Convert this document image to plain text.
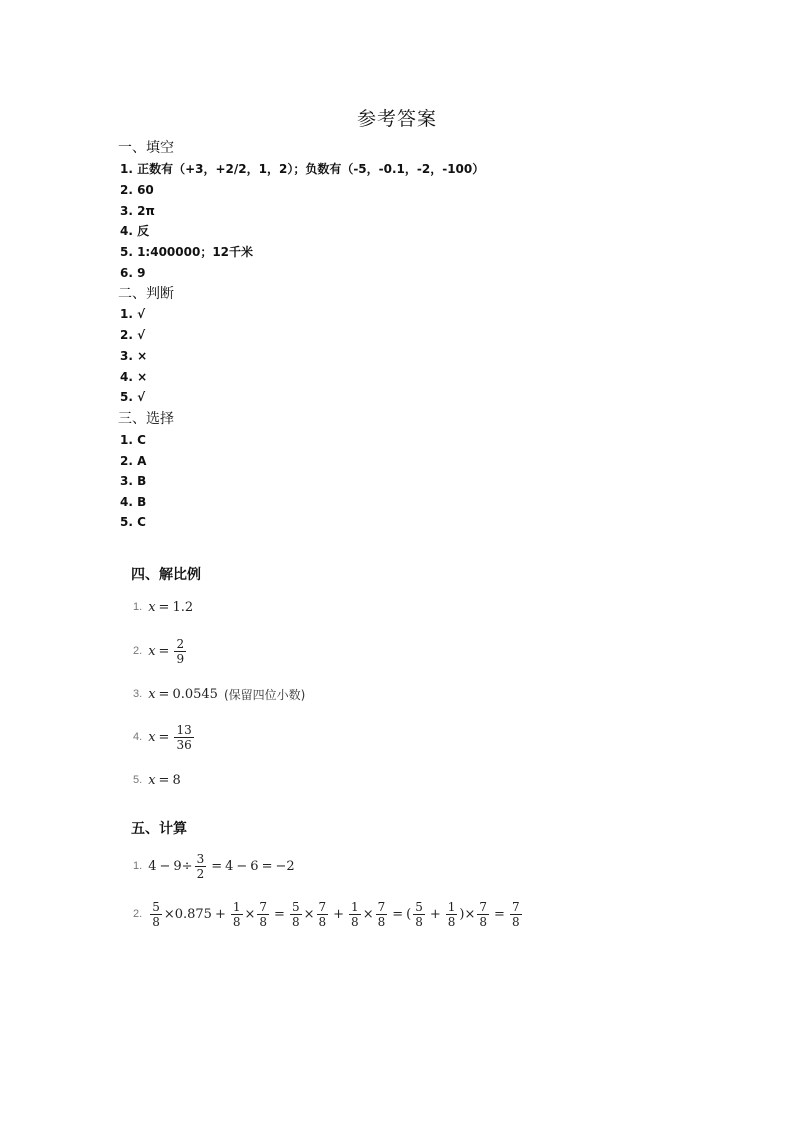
参考答案
一、填空
1. 正数有（+3，+2/2，1，2）；负数有（-5，-0.1，-2，-100）
2. 60
3. 2π
4. 反
5. 1:400000；12千米
6. 9
二、判断
1. √
2. √
3. ×
4. ×
5. √
三、选择
1. C
2. A
3. B
4. B
5. C
四、解比例
1. x = 1.2
2. $x = \frac{2}{9}$
3. x = 0.0545 (保留四位小数)
4. $x = \frac{13}{36}$
5. x = 8
五、计算
1. $4 - 9 \div \frac{3}{2} = 4 - 6 = -2$
2. $\frac{5}{8} \times 0.875 + \frac{1}{8} \times \frac{7}{8} = \frac{5}{8} \times \frac{7}{8} + \frac{1}{8} \times \frac{7}{8}$ = ( $\frac{5}{8} + \frac{1}{8}$ ) × $\frac{7}{8} = \frac{7}{8}$
